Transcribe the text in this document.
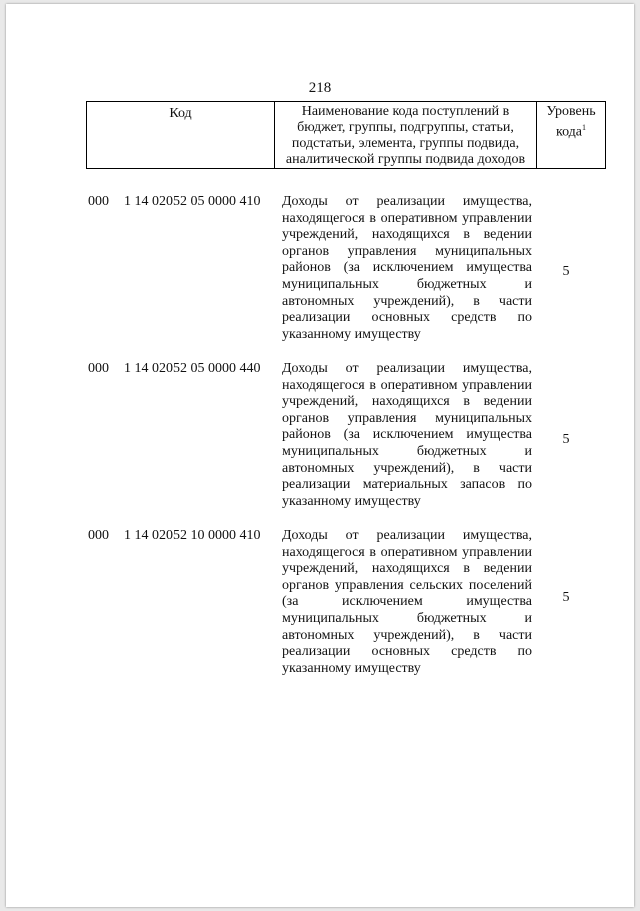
218
Код	Наименование кода поступлений в бюджет, группы, подгруппы, статьи, подстатьи, элемента, группы подвида, аналитической группы подвида доходов
Уровень кода$^1$
000 1 14 02052 05 0000 410 Доходы от реализации имущества, находящегося в оперативном управлении учреждений, находящихся в ведении органов управления муниципальных районов (за исключением имущества муниципальных бюджетных и автономных учреждений), в части реализации основных средств по указанному имуществу
5
000 1 14 02052 05 0000 440 Доходы от реализации имущества, находящегося в оперативном управлении учреждений, находящихся в ведении органов управления муниципальных районов (за исключением имущества муниципальных бюджетных и автономных учреждений), в части реализации материальных запасов по указанному имуществу
5
000 1 14 02052 10 0000 410 Доходы от реализации имущества, находящегося в оперативном управлении учреждений, находящихся в ведении органов управления сельских поселений (за исключением имущества муниципальных бюджетных и автономных учреждений), в части реализации основных средств по указанному имуществу
5
